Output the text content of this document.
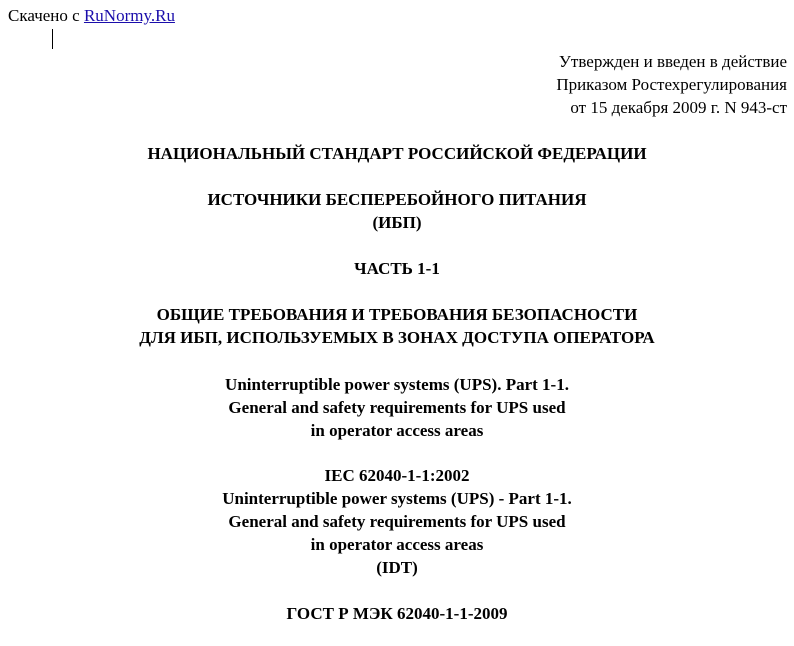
Скачено с RuNormy.Ru
Утвержден и введен в действие
Приказом Ростехрегулирования
от 15 декабря 2009 г. N 943-ст
НАЦИОНАЛЬНЫЙ СТАНДАРТ РОССИЙСКОЙ ФЕДЕРАЦИИ
ИСТОЧНИКИ БЕСПЕРЕБОЙНОГО ПИТАНИЯ
(ИБП)
ЧАСТЬ 1-1
ОБЩИЕ ТРЕБОВАНИЯ И ТРЕБОВАНИЯ БЕЗОПАСНОСТИ
ДЛЯ ИБП, ИСПОЛЬЗУЕМЫХ В ЗОНАХ ДОСТУПА ОПЕРАТОРА
Uninterruptible power systems (UPS). Part 1-1.
General and safety requirements for UPS used
in operator access areas
IEC 62040-1-1:2002
Uninterruptible power systems (UPS) - Part 1-1.
General and safety requirements for UPS used
in operator access areas
(IDT)
ГОСТ Р МЭК 62040-1-1-2009
